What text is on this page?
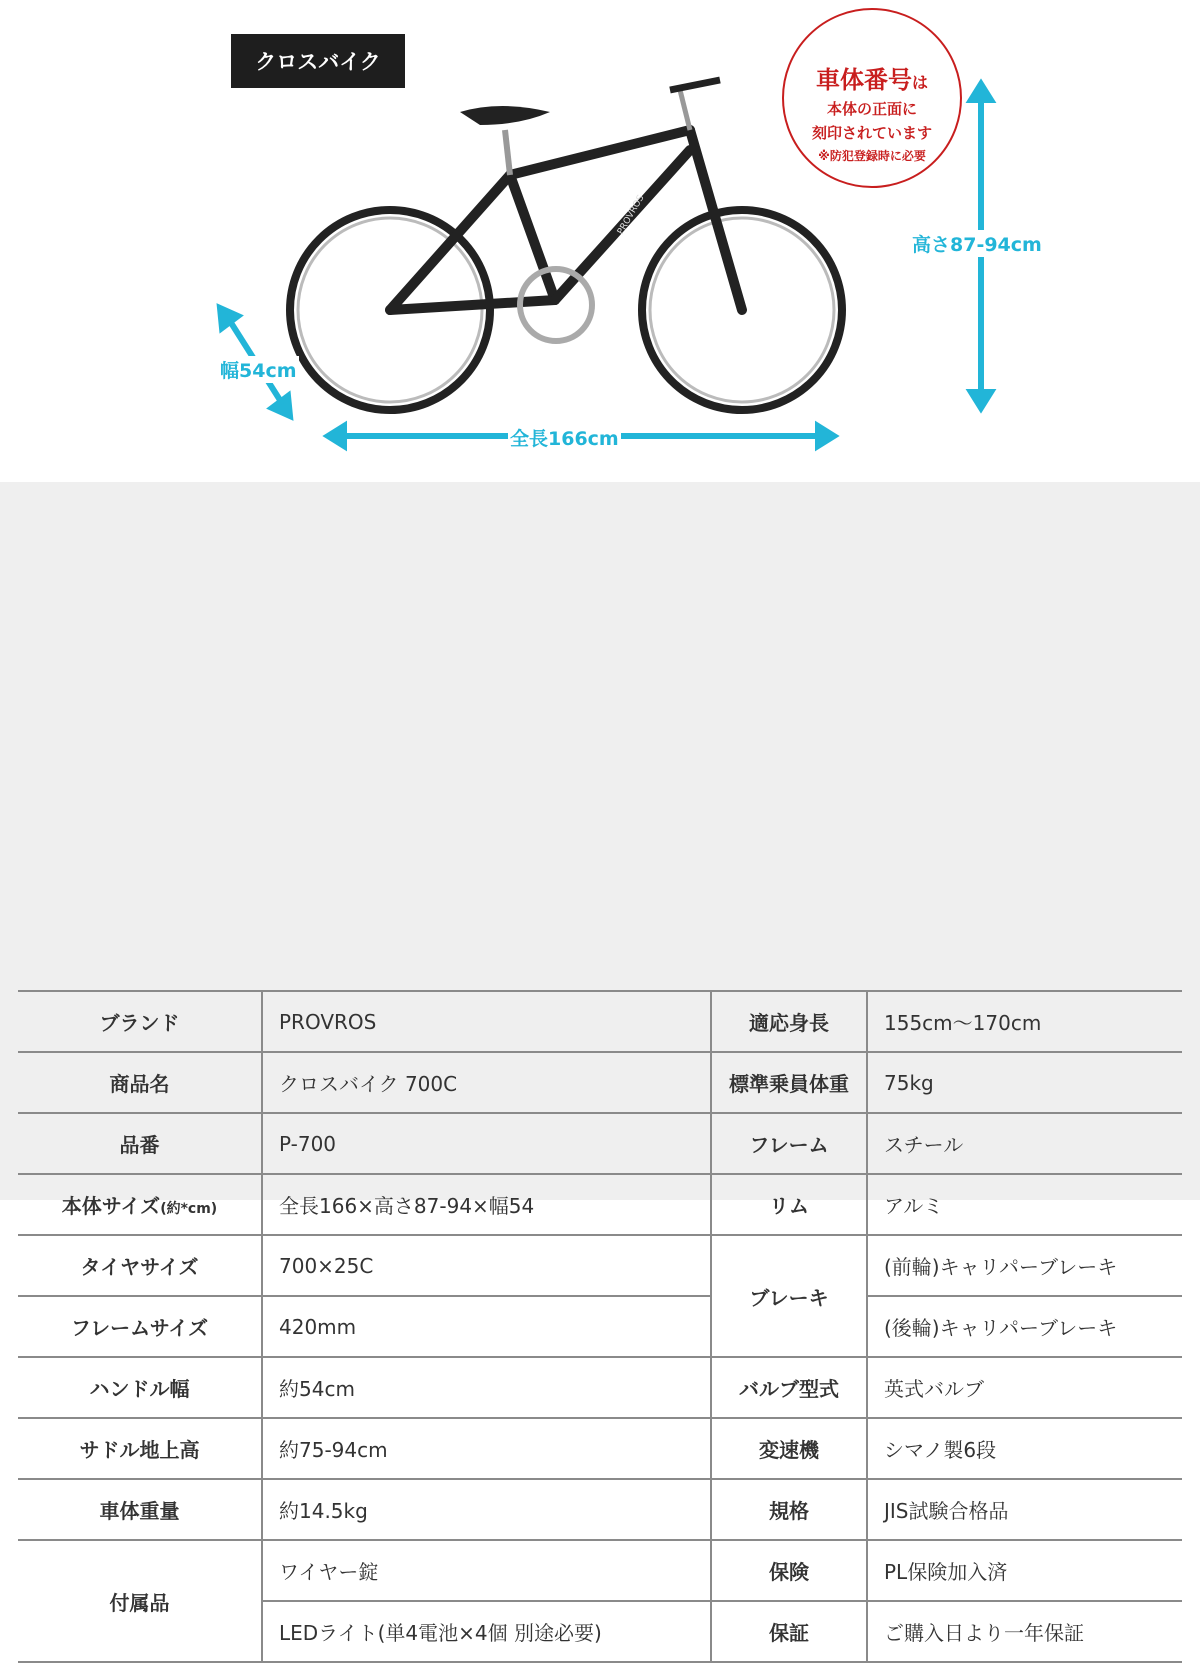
クロスバイク
PROVROS
幅54cm
全長166cm
高さ87-94cm
車体番号は
本体の正面に
刻印されています
※防犯登録時に必要
ブランド	PROVROS	適応身長	155cm〜170cm
商品名	クロスバイク 700C	標準乗員体重	75kg
品番	P-700	フレーム	スチール
本体サイズ(約*cm)	全長166×高さ87-94×幅54	リム	アルミ
タイヤサイズ	700×25C	ブレーキ	(前輪)キャリパーブレーキ
フレームサイズ	420mm		(後輪)キャリパーブレーキ
ハンドル幅	約54cm	バルブ型式	英式バルブ
サドル地上高	約75-94cm	変速機	シマノ製6段
車体重量	約14.5kg	規格	JIS試験合格品
付属品	ワイヤー錠	保険	PL保険加入済
	LEDライト(単4電池×4個 別途必要)	保証	ご購入日より一年保証
